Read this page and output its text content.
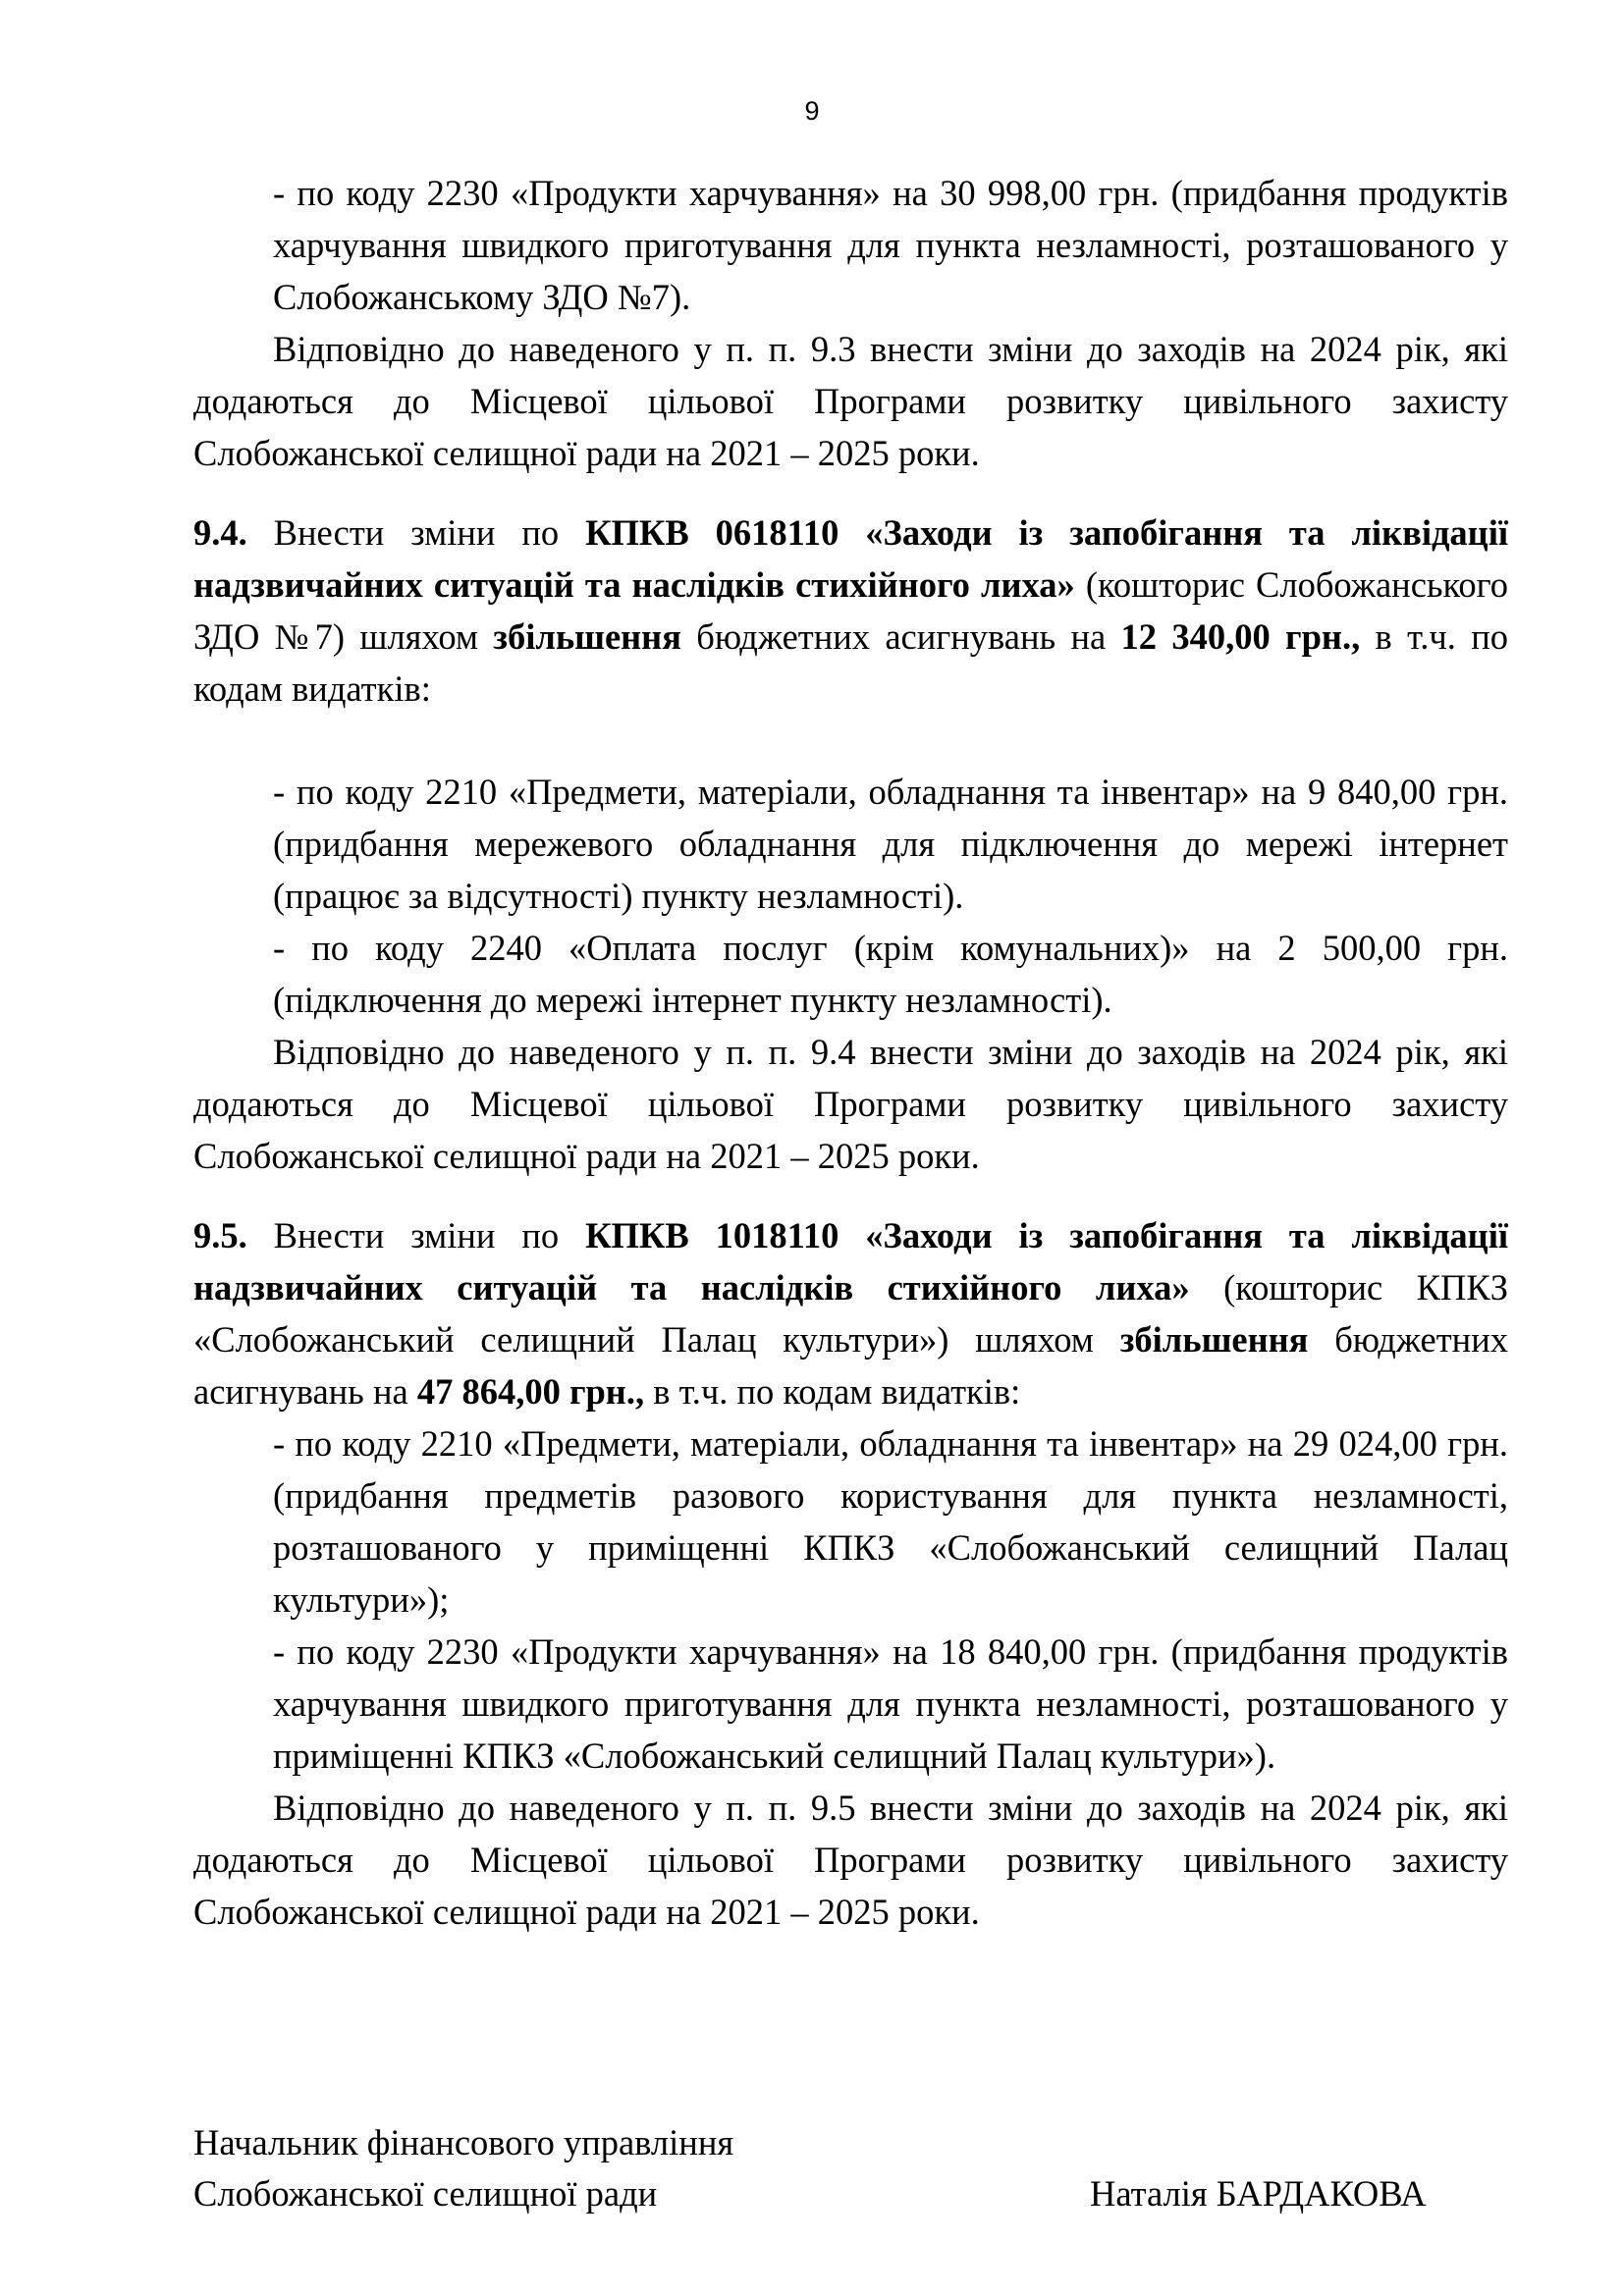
9

- по коду 2230 «Продукти харчування» на 30 998,00 грн. (придбання продуктів харчування швидкого приготування для пункта незламності, розташованого у Слобожанському ЗДО №7).

Відповідно до наведеного у п. п. 9.3 внести зміни до заходів на 2024 рік, які додаються до Місцевої цільової Програми розвитку цивільного захисту Слобожанської селищної ради на 2021 – 2025 роки.

9.4. Внести зміни по КПКВ 0618110 «Заходи із запобігання та ліквідації надзвичайних ситуацій та наслідків стихійного лиха» (кошторис Слобожанського ЗДО №7) шляхом збільшення бюджетних асигнувань на 12 340,00 грн., в т.ч. по кодам видатків:

- по коду 2210 «Предмети, матеріали, обладнання та інвентар» на 9 840,00 грн. (придбання мережевого обладнання для підключення до мережі інтернет (працює за відсутності) пункту незламності).

- по коду 2240 «Оплата послуг (крім комунальних)» на 2 500,00 грн. (підключення до мережі інтернет пункту незламності).

Відповідно до наведеного у п. п. 9.4 внести зміни до заходів на 2024 рік, які додаються до Місцевої цільової Програми розвитку цивільного захисту Слобожанської селищної ради на 2021 – 2025 роки.

9.5. Внести зміни по КПКВ 1018110 «Заходи із запобігання та ліквідації надзвичайних ситуацій та наслідків стихійного лиха» (кошторис КПКЗ «Слобожанський селищний Палац культури») шляхом збільшення бюджетних асигнувань на 47 864,00 грн., в т.ч. по кодам видатків:

- по коду 2210 «Предмети, матеріали, обладнання та інвентар» на 29 024,00 грн. (придбання предметів разового користування для пункта незламності, розташованого у приміщенні КПКЗ «Слобожанський селищний Палац культури»);

- по коду 2230 «Продукти харчування» на 18 840,00 грн. (придбання продуктів харчування швидкого приготування для пункта незламності, розташованого у приміщенні КПКЗ «Слобожанський селищний Палац культури»).

Відповідно до наведеного у п. п. 9.5 внести зміни до заходів на 2024 рік, які додаються до Місцевої цільової Програми розвитку цивільного захисту Слобожанської селищної ради на 2021 – 2025 роки.

Начальник фінансового управління
Слобожанської селищної ради	Наталія БАРДАКОВА
